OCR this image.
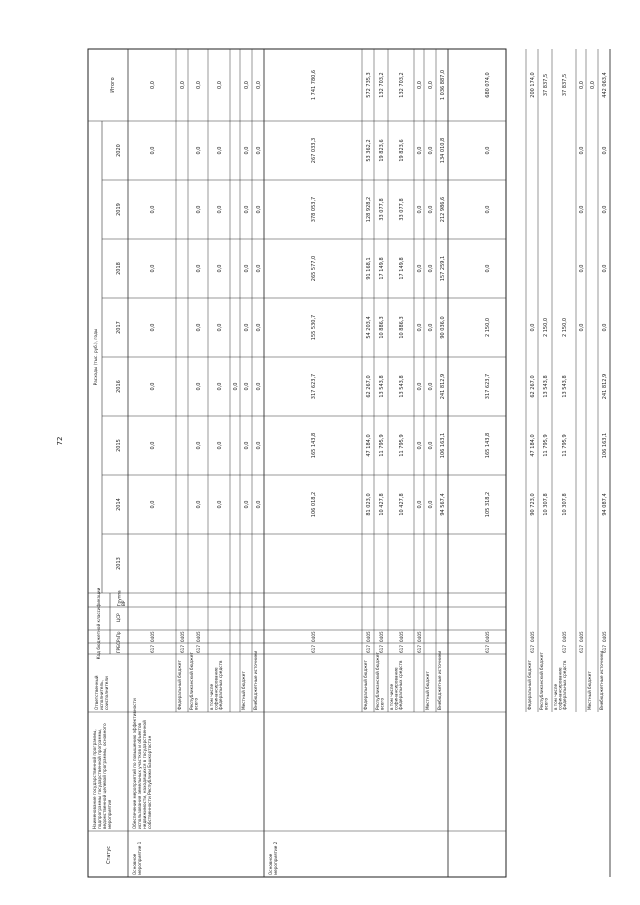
72
Статус
Наименование государственной программы, подпрограммы государственной программы, ведомственной целевой программы, основного мероприятия
Ответственный исполнитель, соисполнители
Код бюджетной классификации	ГРБС
РзПр
ЦСР
Группа ВР
Расходы (тыс. руб.), годы
2013
2014
2015
2016
2017
2018
2019
2020
Итого
Основное мероприятие 1
Обеспечение мероприятий по повышению эффективности использования земельных участков и объектов недвижимости, находящихся в государственной собственности Республики Башкортостан
617
0405
0,0
0,0
0,0
0,0
0,0
0,0
0,0
0,0
Федеральный бюджет
617
0405
0,0
Республиканский бюджет всего
617
0405
0,0
0,0
0,0
0,0
0,0
0,0
0,0
0,0
в том числе софинансирование федеральных средств
0,0
0,0
0,0
0,0
0,0
0,0
0,0
0,0
0,0
Местный бюджет
0,0
0,0
0,0
0,0
0,0
0,0
0,0
0,0
Внебюджетные источники
0,0
0,0
0,0
0,0
0,0
0,0
0,0
0,0
Основное мероприятие 2
617
0405
106 018,2
165 143,8
317 623,7
155 530,7
265 577,0
378 053,7
267 033,3
1 741 780,6
Федеральный бюджет
617
0405
81 023,0
47 184,0
62 267,0
54 203,4
91 168,1
128 928,2
53 362,2
572 735,3
Республиканский бюджет всего
617
0405
10 427,8
11 795,9
13 543,8
10 886,3
17 149,8
33 077,8
19 823,6
132 703,2
в том числе софинансирование федеральных средств
617
0405
10 427,8
11 795,9
13 543,8
10 886,3
17 149,8
33 077,8
19 823,6
132 703,2
617
0405
0,0
0,0
0,0
0,0
0,0
0,0
0,0
0,0
Местный бюджет
0,0
0,0
0,0
0,0
0,0
0,0
0,0
0,0
Внебюджетные источники
94 567,4
106 163,1
241 812,9
90 036,0
157 259,1
212 986,6
134 010,8
1 036 887,0
617
0405
105 318,2
165 143,8
317 623,7
2 150,0
0,0
0,0
0,0
680 074,0
Федеральный бюджет
617
0405
90 723,0
47 184,0
62 267,0
0,0
200 174,0
Республиканский бюджет всего
10 307,8
11 795,9
13 543,8
2 150,0
37 837,5
в том числе софинансирование федеральных средств
617
0405
10 307,8
11 795,9
13 543,8
2 150,0
37 837,5
617
0405
0,0
0,0
0,0
0,0
0,0
Местный бюджет
0,0
Внебюджетные источники
617
0405
94 087,4
106 163,1
241 812,9
0,0
0,0
0,0
0,0
442 063,4
